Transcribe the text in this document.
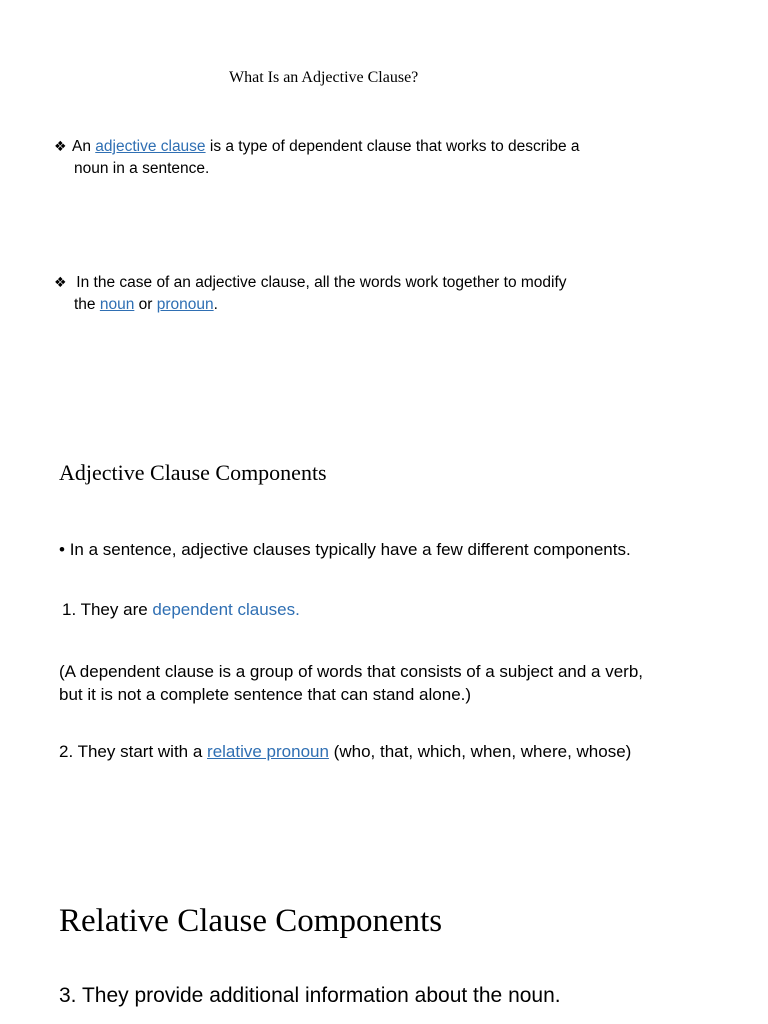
What Is an Adjective Clause?
❖ An adjective clause is a type of dependent clause that works to describe a
noun in a sentence.
❖ In the case of an adjective clause, all the words work together to modify
the noun or pronoun.
Adjective Clause Components
• In a sentence, adjective clauses typically have a few different components.
1. They are dependent clauses.
(A dependent clause is a group of words that consists of a subject and a verb,
but it is not a complete sentence that can stand alone.)
2. They start with a relative pronoun (who, that, which, when, where, whose)
Relative Clause Components
3. They provide additional information about the noun.
